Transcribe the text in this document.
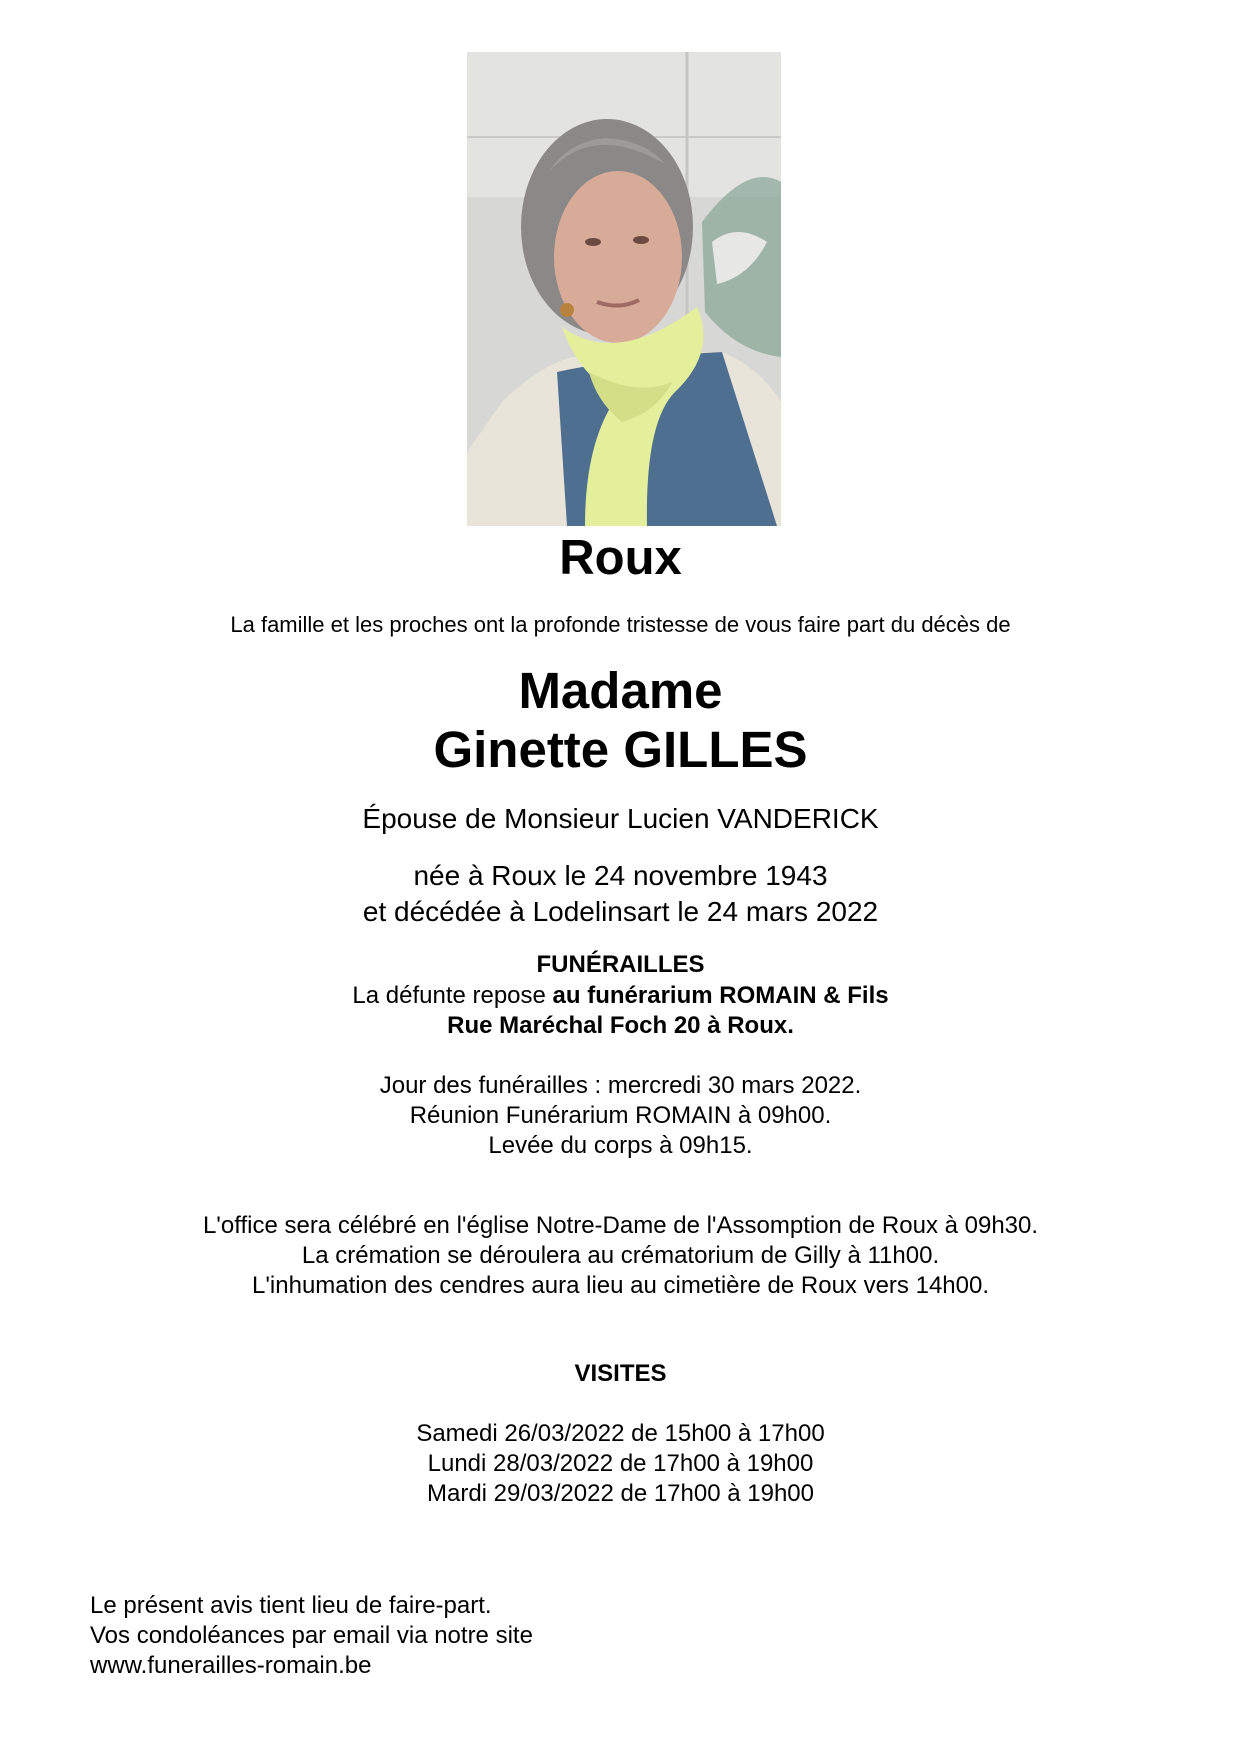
Roux
La famille et les proches ont la profonde tristesse de vous faire part du décès de
Madame
Ginette GILLES
Épouse de Monsieur Lucien VANDERICK
née à Roux le 24 novembre 1943
et décédée à Lodelinsart le 24 mars 2022
FUNÉRAILLES
La défunte repose au funérarium ROMAIN & Fils
Rue Maréchal Foch 20 à Roux.
Jour des funérailles : mercredi 30 mars 2022.
Réunion Funérarium ROMAIN à 09h00.
Levée du corps à 09h15.
L'office sera célébré en l'église Notre-Dame de l'Assomption de Roux à 09h30.
La crémation se déroulera au crématorium de Gilly à 11h00.
L'inhumation des cendres aura lieu au cimetière de Roux vers 14h00.
VISITES
Samedi 26/03/2022 de 15h00 à 17h00
Lundi 28/03/2022 de 17h00 à 19h00
Mardi 29/03/2022 de 17h00 à 19h00
Le présent avis tient lieu de faire-part.
Vos condoléances par email via notre site
www.funerailles-romain.be
